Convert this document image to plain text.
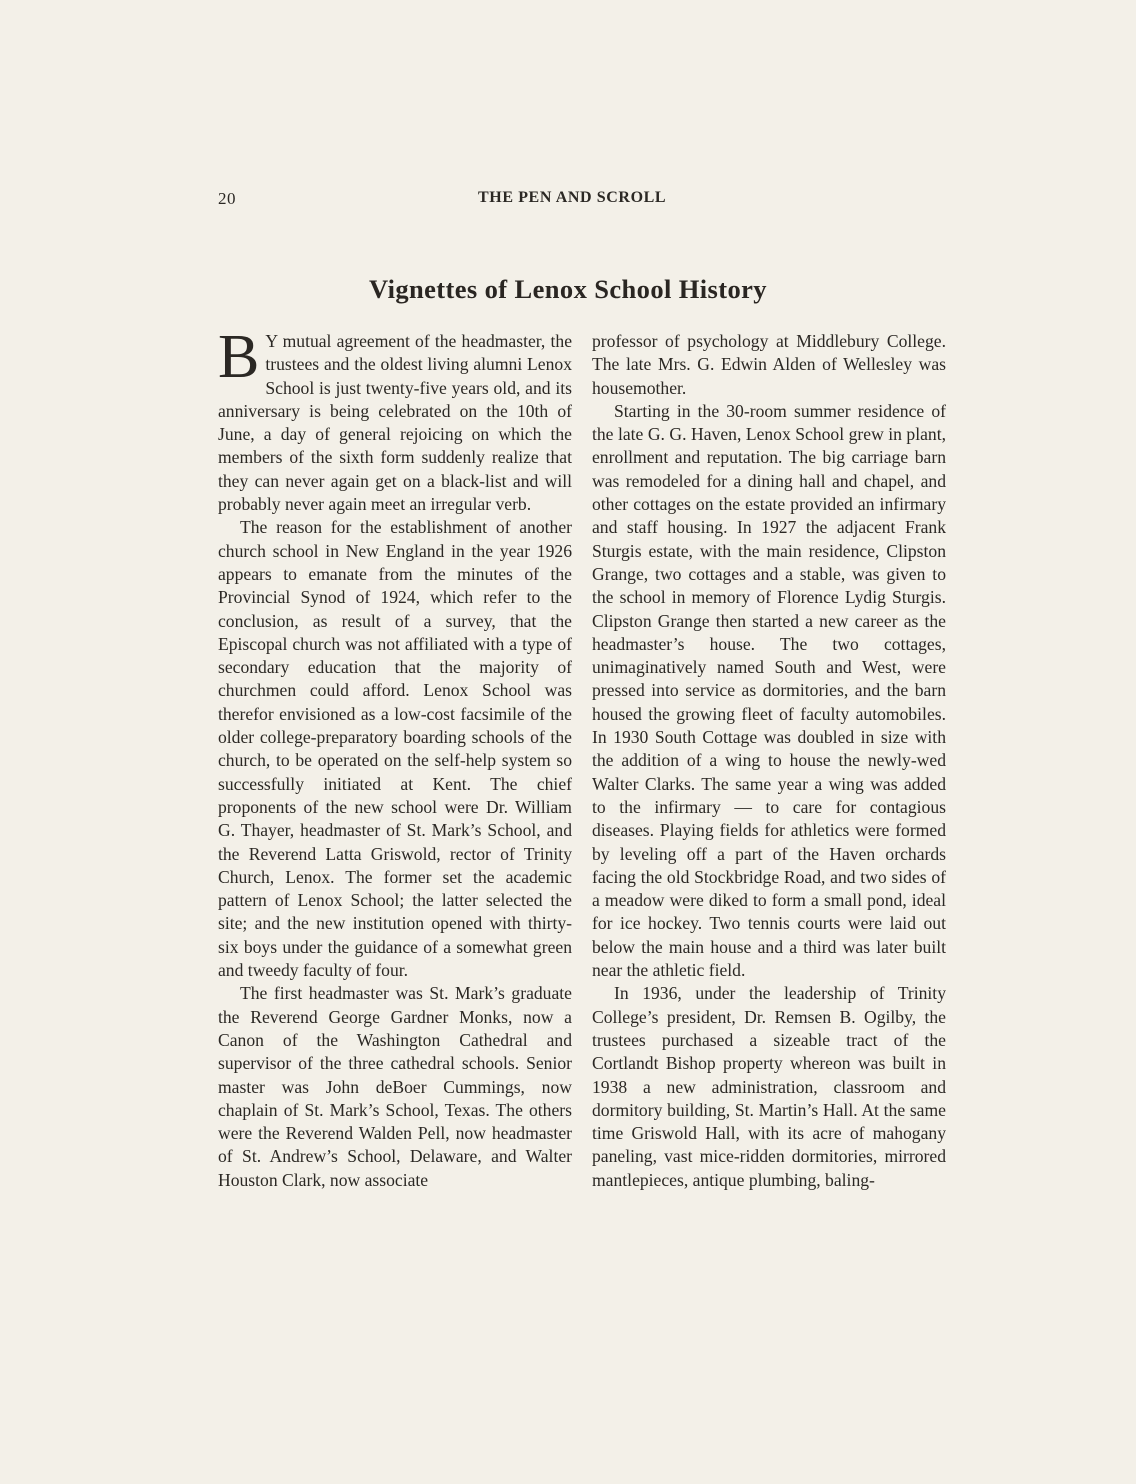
20	THE PEN AND SCROLL
Vignettes of Lenox School History

B Y mutual agreement of the headmaster, the trustees and the oldest living alumni Lenox School is just twenty-five years old, and its anniversary is being celebrated on the 10th of June, a day of general rejoicing on which the members of the sixth form suddenly realize that they can never again get on a black-list and will probably never again meet an irregular verb.

The reason for the establishment of another church school in New England in the year 1926 appears to emanate from the minutes of the Provincial Synod of 1924, which refer to the conclusion, as result of a survey, that the Episcopal church was not affiliated with a type of secondary education that the majority of churchmen could afford. Lenox School was therefor envisioned as a low-cost facsimile of the older college-preparatory boarding schools of the church, to be operated on the self-help system so successfully initiated at Kent. The chief proponents of the new school were Dr. William G. Thayer, headmaster of St. Mark’s School, and the Reverend Latta Griswold, rector of Trinity Church, Lenox. The former set the academic pattern of Lenox School; the latter selected the site; and the new institution opened with thirty-six boys under the guidance of a somewhat green and tweedy faculty of four.

The first headmaster was St. Mark’s graduate the Reverend George Gardner Monks, now a Canon of the Washington Cathedral and supervisor of the three cathedral schools. Senior master was John deBoer Cummings, now chaplain of St. Mark’s School, Texas. The others were the Reverend Walden Pell, now headmaster of St. Andrew’s School, Delaware, and Walter Houston Clark, now associate

professor of psychology at Middlebury College. The late Mrs. G. Edwin Alden of Wellesley was housemother.

Starting in the 30-room summer residence of the late G. G. Haven, Lenox School grew in plant, enrollment and reputation. The big carriage barn was remodeled for a dining hall and chapel, and other cottages on the estate provided an infirmary and staff housing. In 1927 the adjacent Frank Sturgis estate, with the main residence, Clipston Grange, two cottages and a stable, was given to the school in memory of Florence Lydig Sturgis. Clipston Grange then started a new career as the headmaster’s house. The two cottages, unimaginatively named South and West, were pressed into service as dormitories, and the barn housed the growing fleet of faculty automobiles. In 1930 South Cottage was doubled in size with the addition of a wing to house the newly-wed Walter Clarks. The same year a wing was added to the infirmary — to care for contagious diseases. Playing fields for athletics were formed by leveling off a part of the Haven orchards facing the old Stockbridge Road, and two sides of a meadow were diked to form a small pond, ideal for ice hockey. Two tennis courts were laid out below the main house and a third was later built near the athletic field.

In 1936, under the leadership of Trinity College’s president, Dr. Remsen B. Ogilby, the trustees purchased a sizeable tract of the Cortlandt Bishop property whereon was built in 1938 a new administration, classroom and dormitory building, St. Martin’s Hall. At the same time Griswold Hall, with its acre of mahogany paneling, vast mice-ridden dormitories, mirrored mantlepieces, antique plumbing, baling-
